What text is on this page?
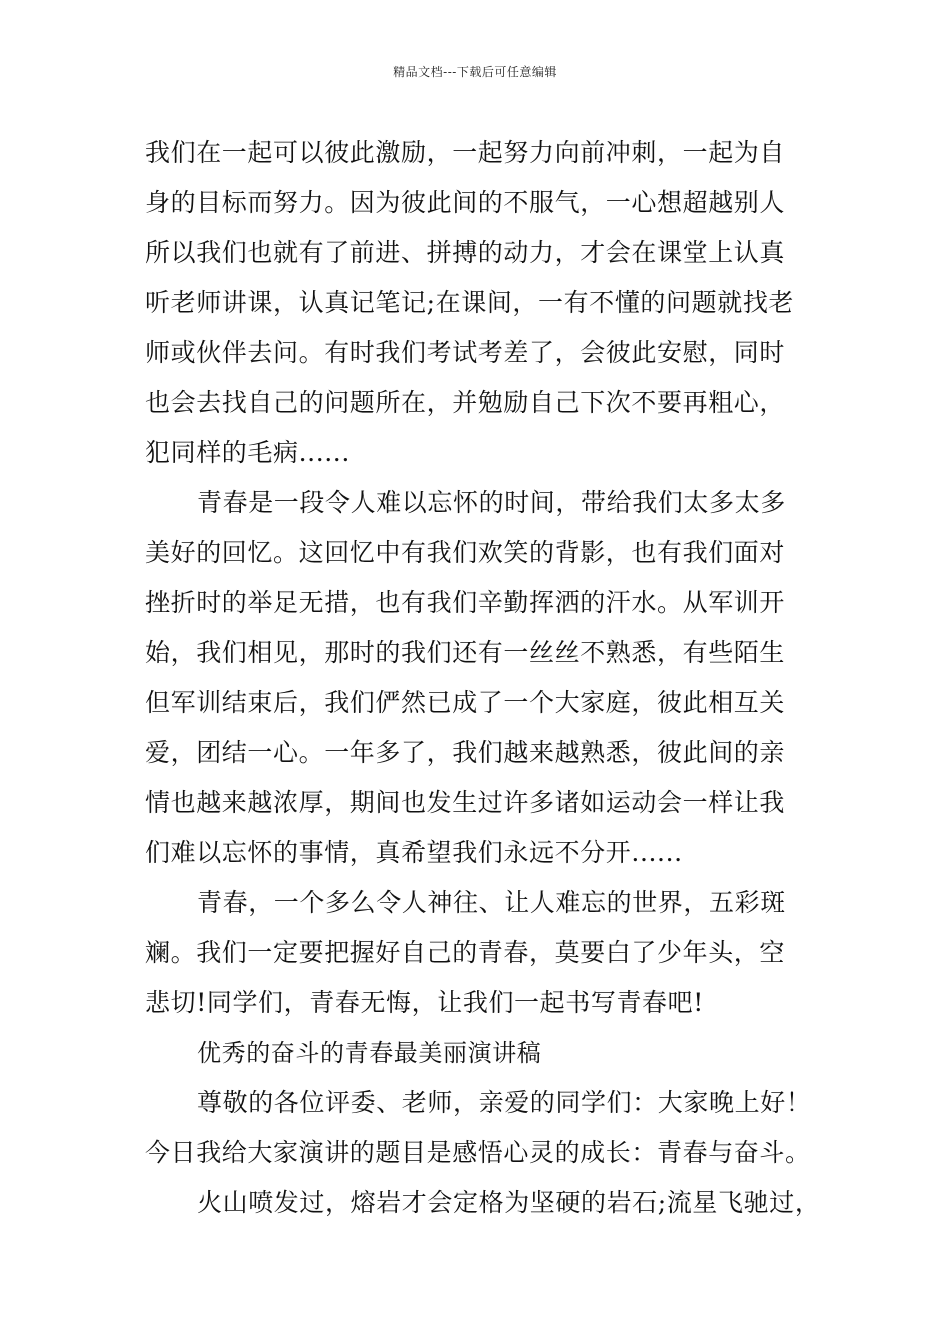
精品文档---下载后可任意编辑
我们在一起可以彼此激励，一起努力向前冲刺，一起为自
身的目标而努力。因为彼此间的不服气，一心想超越别人
所以我们也就有了前进、拼搏的动力，才会在课堂上认真
听老师讲课，认真记笔记;在课间，一有不懂的问题就找老
师或伙伴去问。有时我们考试考差了，会彼此安慰，同时
也会去找自己的问题所在，并勉励自己下次不要再粗心，
犯同样的毛病......
青春是一段令人难以忘怀的时间，带给我们太多太多
美好的回忆。这回忆中有我们欢笑的背影，也有我们面对
挫折时的举足无措，也有我们辛勤挥洒的汗水。从军训开
始，我们相见，那时的我们还有一丝丝不熟悉，有些陌生
但军训结束后，我们俨然已成了一个大家庭，彼此相互关
爱，团结一心。一年多了，我们越来越熟悉，彼此间的亲
情也越来越浓厚，期间也发生过许多诸如运动会一样让我
们难以忘怀的事情，真希望我们永远不分开......
青春，一个多么令人神往、让人难忘的世界，五彩斑
斓。我们一定要把握好自己的青春，莫要白了少年头，空
悲切!同学们，青春无悔，让我们一起书写青春吧!
优秀的奋斗的青春最美丽演讲稿
尊敬的各位评委、老师，亲爱的同学们：大家晚上好！
今日我给大家演讲的题目是感悟心灵的成长：青春与奋斗。
火山喷发过，熔岩才会定格为坚硬的岩石;流星飞驰过，
